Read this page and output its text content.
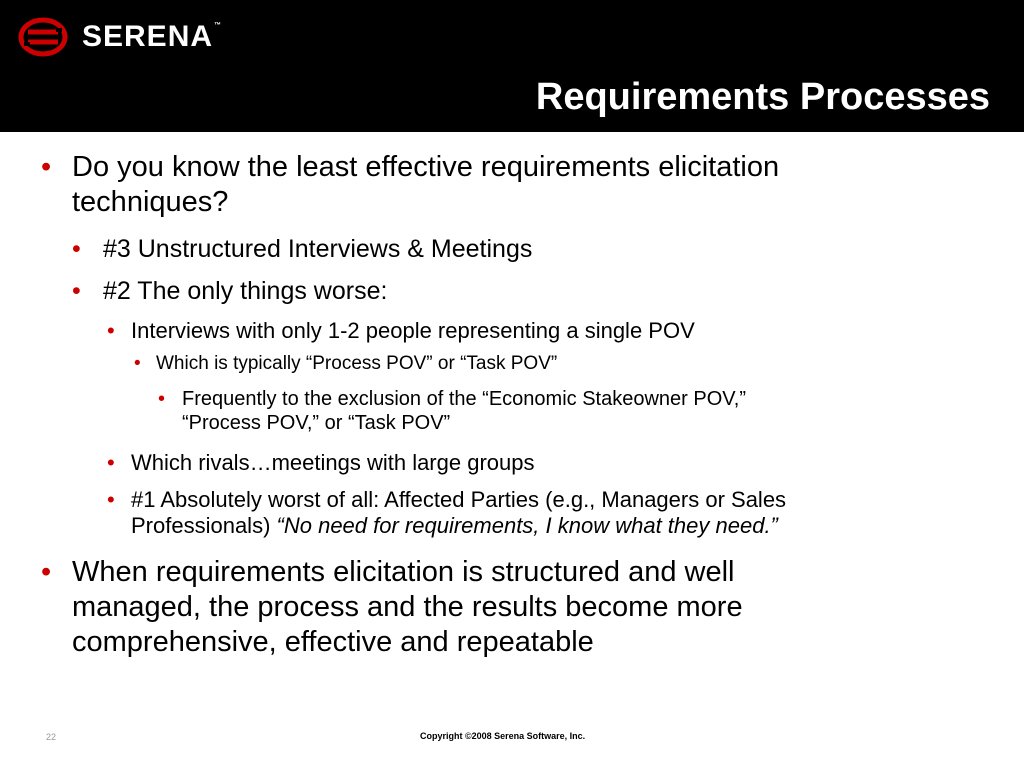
SERENA ™
Requirements Processes
• Do you know the least effective requirements elicitation
techniques?
• #3 Unstructured Interviews & Meetings
• #2 The only things worse:
• Interviews with only 1-2 people representing a single POV
• Which is typically “Process POV” or “Task POV”
• Frequently to the exclusion of the “Economic Stakeowner POV,”
“Process POV,” or “Task POV”
• Which rivals…meetings with large groups
• #1 Absolutely worst of all: Affected Parties (e.g., Managers or Sales
Professionals) “No need for requirements, I know what they need.”
• When requirements elicitation is structured and well
managed, the process and the results become more
comprehensive, effective and repeatable
22	Copyright ©2008 Serena Software, Inc.
